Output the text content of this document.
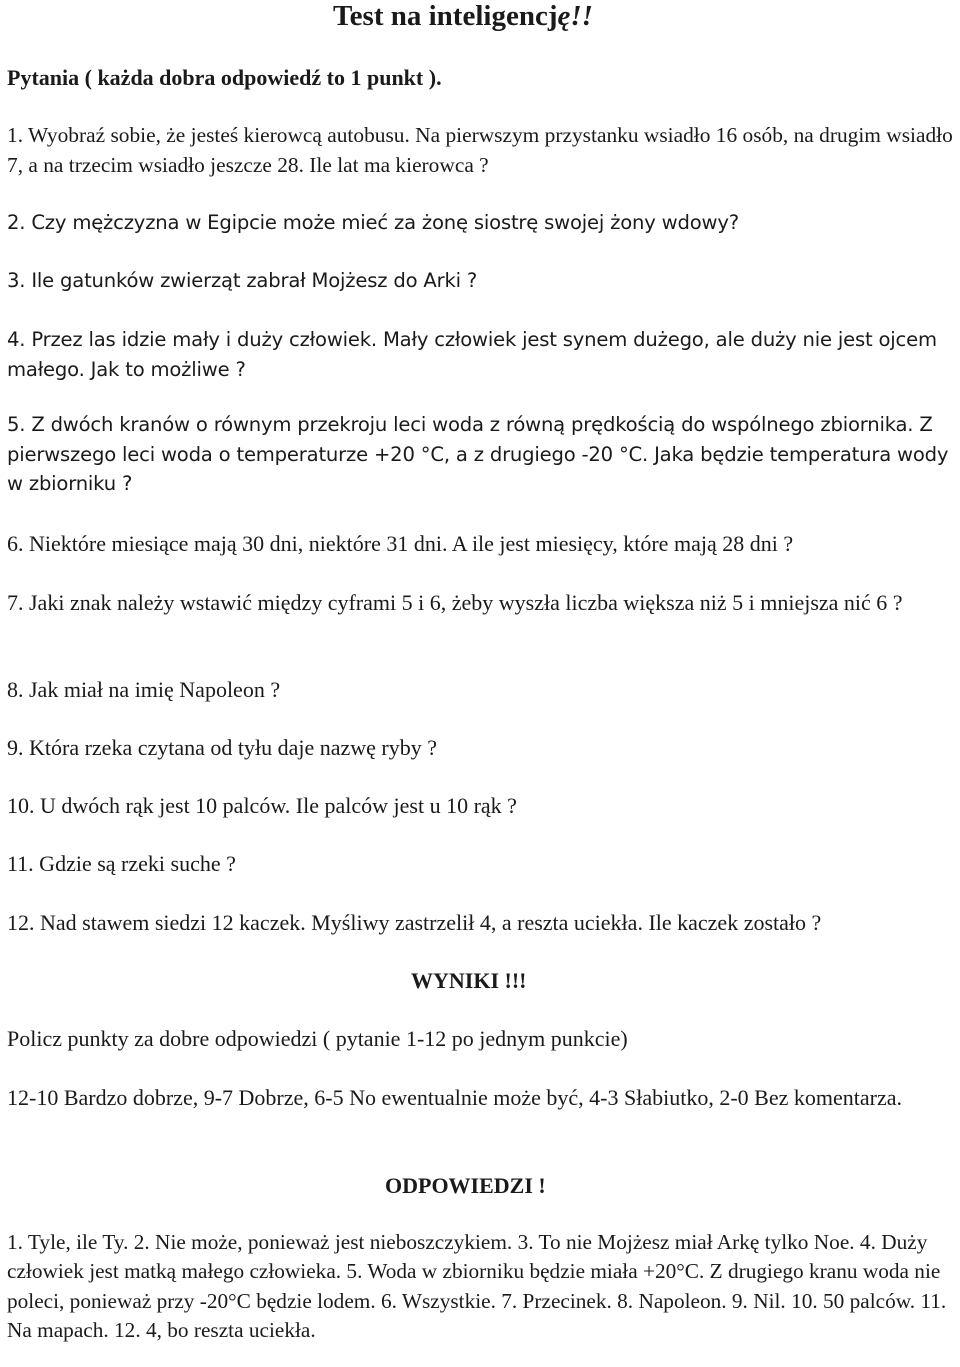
Test na inteligencję!!
Pytania ( każda dobra odpowiedź to 1 punkt ).
1. Wyobraź sobie, że jesteś kierowcą autobusu. Na pierwszym przystanku wsiadło 16 osób, na drugim wsiadło 7, a na trzecim wsiadło jeszcze 28. Ile lat ma kierowca ?
2. Czy mężczyzna w Egipcie może mieć za żonę siostrę swojej żony wdowy?
3. Ile gatunków zwierząt zabrał Mojżesz do Arki ?
4. Przez las idzie mały i duży człowiek. Mały człowiek jest synem dużego, ale duży nie jest ojcem małego. Jak to możliwe ?
5. Z dwóch kranów o równym przekroju leci woda z równą prędkością do wspólnego zbiornika. Z pierwszego leci woda o temperaturze +20 °C, a z drugiego -20 °C. Jaka będzie temperatura wody w zbiorniku ?
6. Niektóre miesiące mają 30 dni, niektóre 31 dni. A ile jest miesięcy, które mają 28 dni ?
7. Jaki znak należy wstawić między cyframi 5 i 6, żeby wyszła liczba większa niż 5 i mniejsza nić 6 ?
8. Jak miał na imię Napoleon ?
9. Która rzeka czytana od tyłu daje nazwę ryby ?
10. U dwóch rąk jest 10 palców. Ile palców jest u 10 rąk ?
11. Gdzie są rzeki suche ?
12. Nad stawem siedzi 12 kaczek. Myśliwy zastrzelił 4, a reszta uciekła. Ile kaczek zostało ?
WYNIKI !!!
Policz punkty za dobre odpowiedzi ( pytanie 1-12 po jednym punkcie)
12-10 Bardzo dobrze, 9-7 Dobrze, 6-5 No ewentualnie może być, 4-3 Słabiutko, 2-0 Bez komentarza.
ODPOWIEDZI !
1. Tyle, ile Ty. 2. Nie może, ponieważ jest nieboszczykiem. 3. To nie Mojżesz miał Arkę tylko Noe. 4. Duży człowiek jest matką małego człowieka. 5. Woda w zbiorniku będzie miała +20°C. Z drugiego kranu woda nie poleci, ponieważ przy -20°C będzie lodem. 6. Wszystkie. 7. Przecinek. 8. Napoleon. 9. Nil. 10. 50 palców. 11. Na mapach. 12. 4, bo reszta uciekła.
